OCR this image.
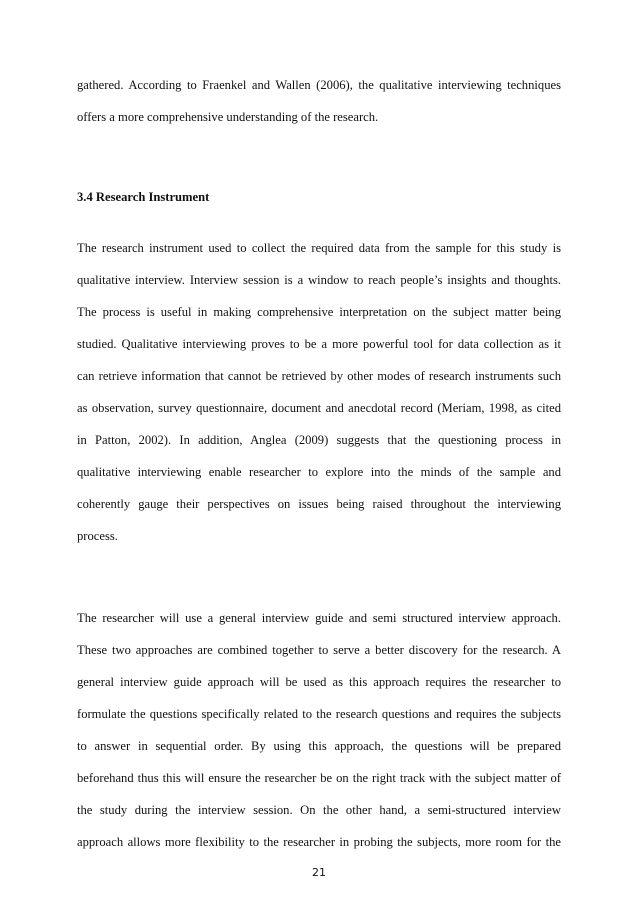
gathered. According to Fraenkel and Wallen (2006), the qualitative interviewing techniques
offers a more comprehensive understanding of the research.
3.4 Research Instrument
The research instrument used to collect the required data from the sample for this study is
qualitative interview. Interview session is a window to reach people’s insights and thoughts.
The process is useful in making comprehensive interpretation on the subject matter being
studied. Qualitative interviewing proves to be a more powerful tool for data collection as it
can retrieve information that cannot be retrieved by other modes of research instruments such
as observation, survey questionnaire, document and anecdotal record (Meriam, 1998, as cited
in Patton, 2002). In addition, Anglea (2009) suggests that the questioning process in
qualitative interviewing enable researcher to explore into the minds of the sample and
coherently gauge their perspectives on issues being raised throughout the interviewing
process.
The researcher will use a general interview guide and semi structured interview approach.
These two approaches are combined together to serve a better discovery for the research. A
general interview guide approach will be used as this approach requires the researcher to
formulate the questions specifically related to the research questions and requires the subjects
to answer in sequential order. By using this approach, the questions will be prepared
beforehand thus this will ensure the researcher be on the right track with the subject matter of
the study during the interview session. On the other hand, a semi-structured interview
approach allows more flexibility to the researcher in probing the subjects, more room for the
21
